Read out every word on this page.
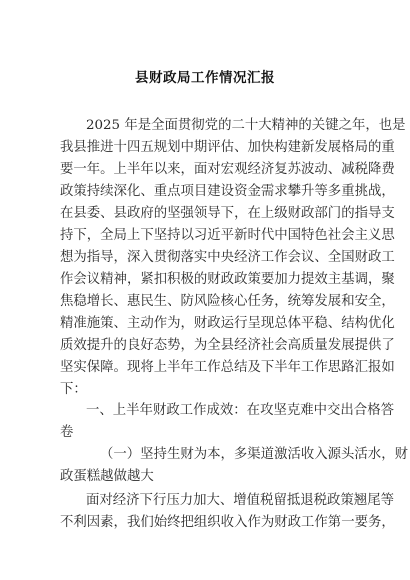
县财政局工作情况汇报
2025 年是全面贯彻党的二十大精神的关键之年，也是
我县推进十四五规划中期评估、加快构建新发展格局的重
要一年。上半年以来，面对宏观经济复苏波动、减税降费
政策持续深化、重点项目建设资金需求攀升等多重挑战，
在县委、县政府的坚强领导下，在上级财政部门的指导支
持下，全局上下坚持以习近平新时代中国特色社会主义思
想为指导，深入贯彻落实中央经济工作会议、全国财政工
作会议精神，紧扣积极的财政政策要加力提效主基调，聚
焦稳增长、惠民生、防风险核心任务，统筹发展和安全，
精准施策、主动作为，财政运行呈现总体平稳、结构优化
质效提升的良好态势，为全县经济社会高质量发展提供了
坚实保障。现将上半年工作总结及下半年工作思路汇报如
下：
一、上半年财政工作成效：在攻坚克难中交出合格答
卷
（一）坚持生财为本，多渠道激活收入源头活水，财
政蛋糕越做越大
面对经济下行压力加大、增值税留抵退税政策翘尾等
不利因素，我们始终把组织收入作为财政工作第一要务，
